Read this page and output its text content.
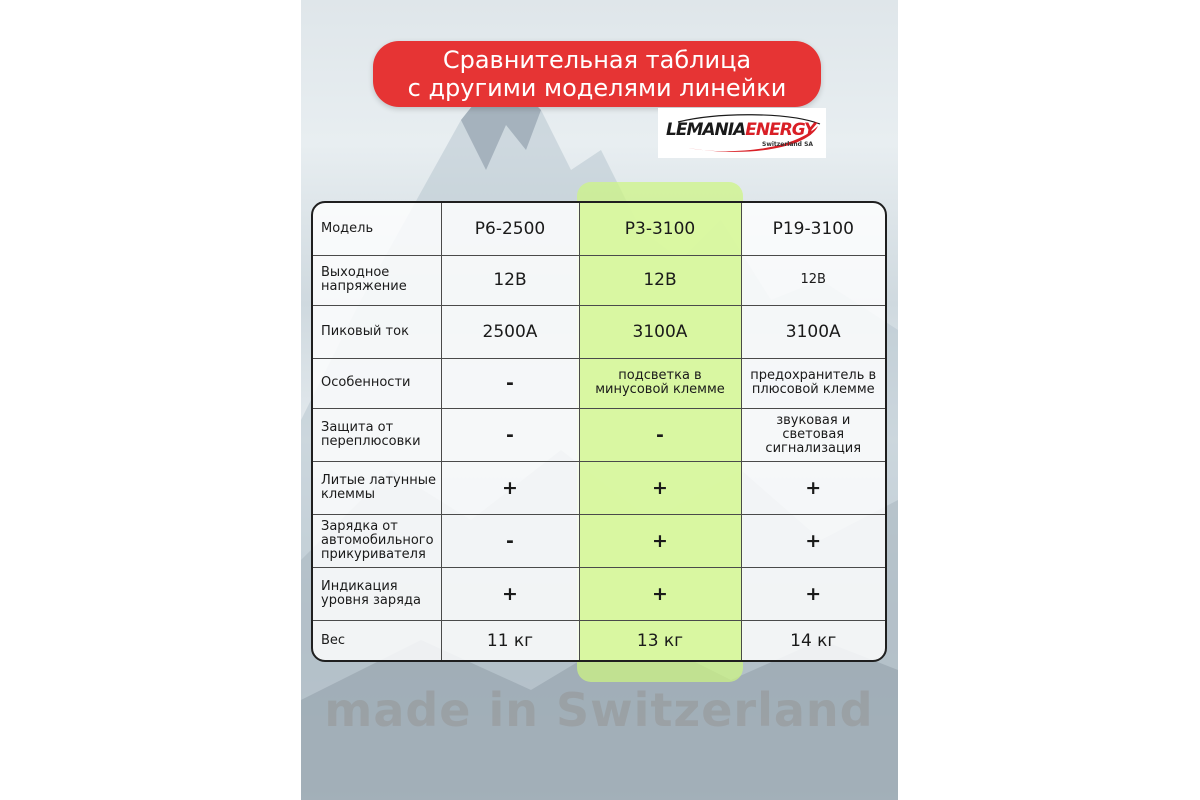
Сравнительная таблица
с другими моделями линейки
LEMANIAENERGY
Switzerland SA
Модель	P6-2500	P3-3100	P19-3100
Выходное напряжение	12В	12В	12В
Пиковый ток	2500А	3100А	3100А
Особенности	-	подсветка в минусовой клемме	предохранитель в плюсовой клемме
Защита от переплюсовки	-	-	звуковая и световая сигнализация
Литые латунные клеммы	+	+	+
Зарядка от автомобильного прикуривателя	-	+	+
Индикация уровня заряда	+	+	+
Вес	11 кг	13 кг	14 кг
made in Switzerland
